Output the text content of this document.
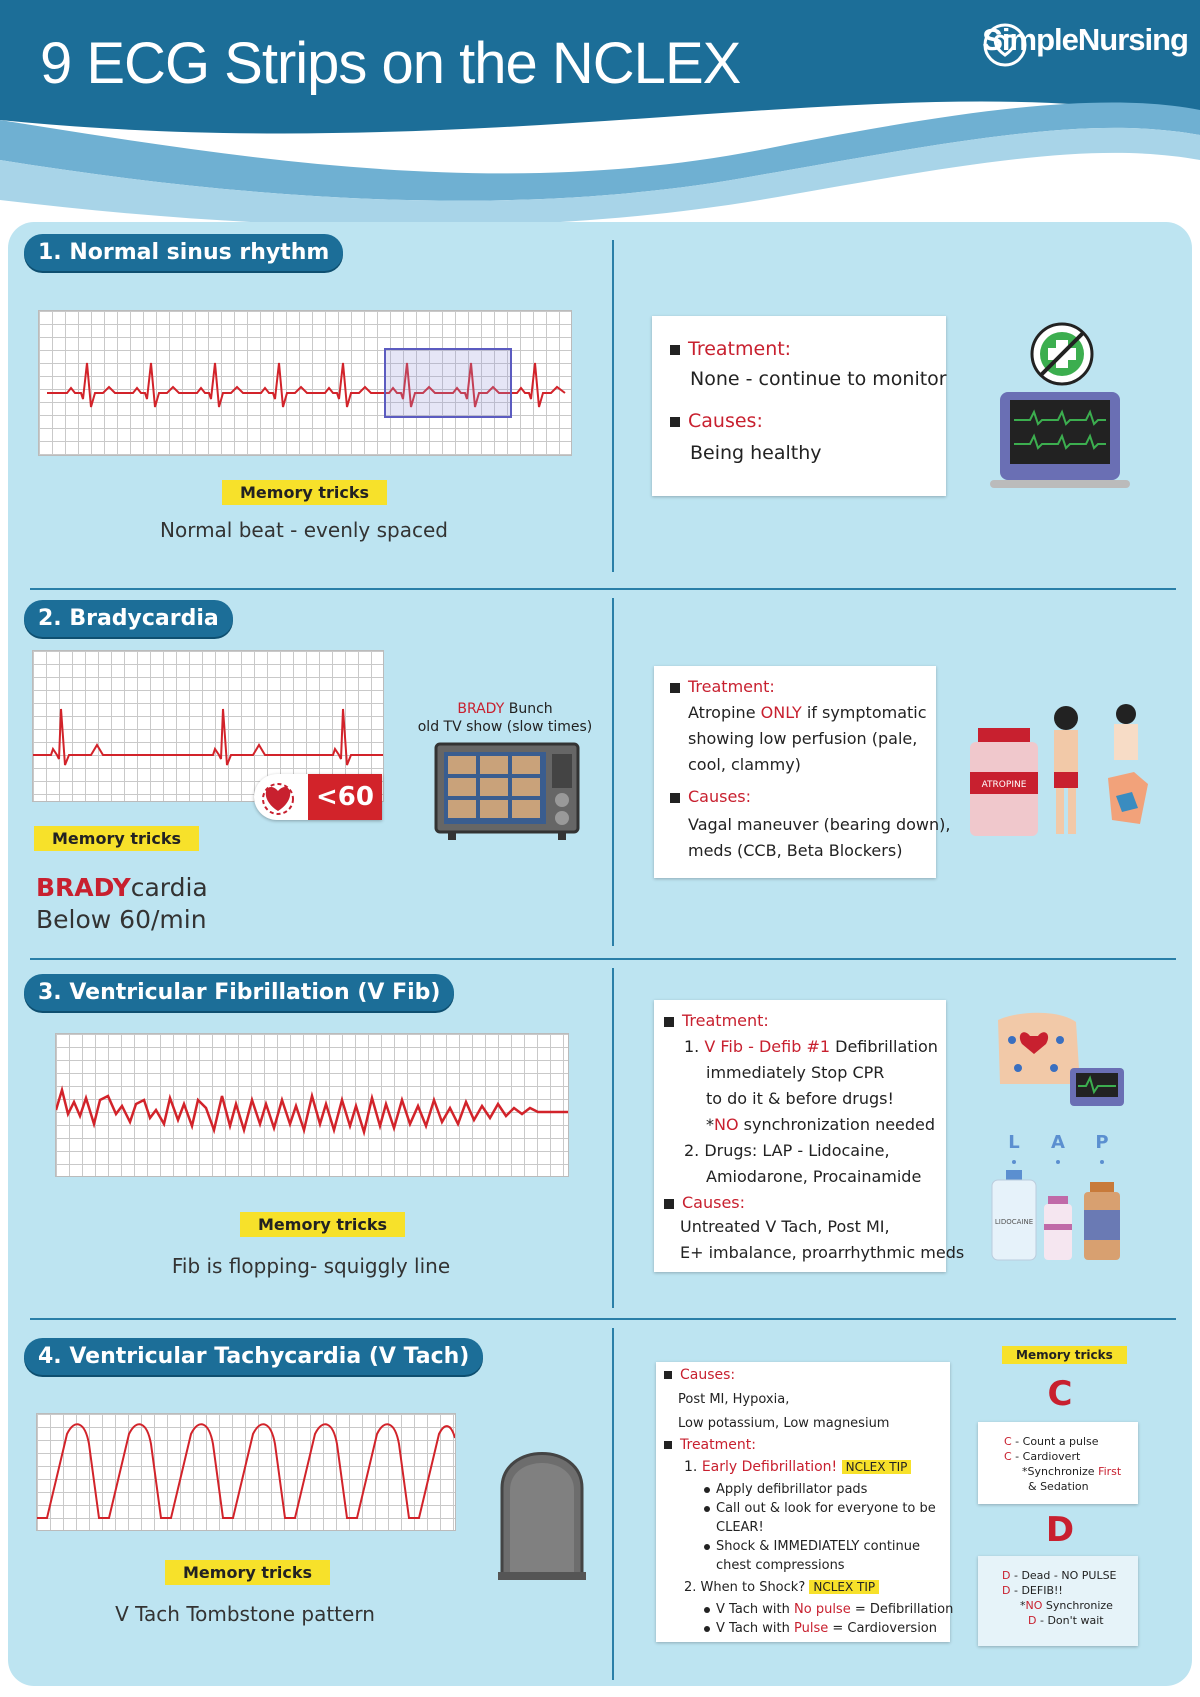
9 ECG Strips on the NCLEX	SimpleNursing
1. Normal sinus rhythm
Memory tricks
Normal beat - evenly spaced
Treatment:
None - continue to monitor
Causes:
Being healthy
2. Bradycardia
<60
BRADY Bunch
old TV show (slow times)
Memory tricks
BRADYcardia
Below 60/min
Treatment:
Atropine ONLY if symptomatic
showing low perfusion (pale,
cool, clammy)
Causes:
Vagal maneuver (bearing down),
meds (CCB, Beta Blockers)
ATROPINE
3. Ventricular Fibrillation (V Fib)
Memory tricks
Fib is flopping- squiggly line
Treatment:
1. V Fib - Defib #1 Defibrillation
immediately Stop CPR
to do it & before drugs!
*NO synchronization needed
2. Drugs: LAP - Lidocaine,
Amiodarone, Procainamide
Causes:
Untreated V Tach, Post MI,
E+ imbalance, proarrhythmic meds
L A P
LIDOCAINE
4. Ventricular Tachycardia (V Tach)
Memory tricks
V Tach Tombstone pattern
Causes:
Post MI, Hypoxia,
Low potassium, Low magnesium
Treatment:
1. Early Defibrillation! NCLEX TIP
Apply defibrillator pads
Call out & look for everyone to be
CLEAR!
Shock & IMMEDIATELY continue
chest compressions
2. When to Shock? NCLEX TIP
V Tach with No pulse = Defibrillation
V Tach with Pulse = Cardioversion
Memory tricks
C
C - Count a pulse
C - Cardiovert
*Synchronize First
& Sedation
D
D - Dead - NO PULSE
D - DEFIB!!
*NO Synchronize
D - Don't wait
